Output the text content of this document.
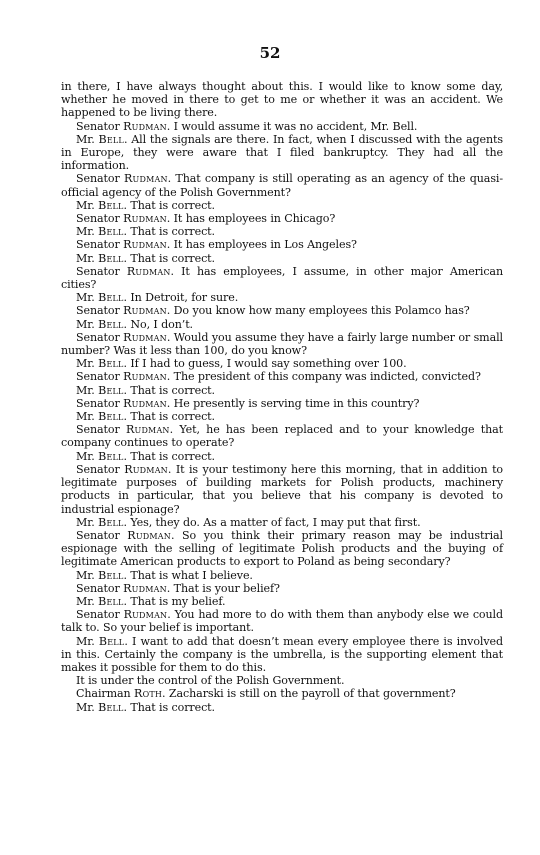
52

in there, I have always thought about this. I would like to know some day, whether he moved in there to get to me or whether it was an accident. We happened to be living there.

Senator Rudman. I would assume it was no accident, Mr. Bell.

Mr. Bell. All the signals are there. In fact, when I discussed with the agents in Europe, they were aware that I filed bankruptcy. They had all the information.

Senator Rudman. That company is still operating as an agency of the quasi-official agency of the Polish Government?

Mr. Bell. That is correct.

Senator Rudman. It has employees in Chicago?

Mr. Bell. That is correct.

Senator Rudman. It has employees in Los Angeles?

Mr. Bell. That is correct.

Senator Rudman. It has employees, I assume, in other major American cities?

Mr. Bell. In Detroit, for sure.

Senator Rudman. Do you know how many employees this Polamco has?

Mr. Bell. No, I don’t.

Senator Rudman. Would you assume they have a fairly large number or small number? Was it less than 100, do you know?

Mr. Bell. If I had to guess, I would say something over 100.

Senator Rudman. The president of this company was indicted, convicted?

Mr. Bell. That is correct.

Senator Rudman. He presently is serving time in this country?

Mr. Bell. That is correct.

Senator Rudman. Yet, he has been replaced and to your knowledge that company continues to operate?

Mr. Bell. That is correct.

Senator Rudman. It is your testimony here this morning, that in addition to legitimate purposes of building markets for Polish products, machinery products in particular, that you believe that his company is devoted to industrial espionage?

Mr. Bell. Yes, they do. As a matter of fact, I may put that first.

Senator Rudman. So you think their primary reason may be industrial espionage with the selling of legitimate Polish products and the buying of legitimate American products to export to Poland as being secondary?

Mr. Bell. That is what I believe.

Senator Rudman. That is your belief?

Mr. Bell. That is my belief.

Senator Rudman. You had more to do with them than anybody else we could talk to. So your belief is important.

Mr. Bell. I want to add that doesn’t mean every employee there is involved in this. Certainly the company is the umbrella, is the supporting element that makes it possible for them to do this.

It is under the control of the Polish Government.

Chairman Roth. Zacharski is still on the payroll of that government?

Mr. Bell. That is correct.
